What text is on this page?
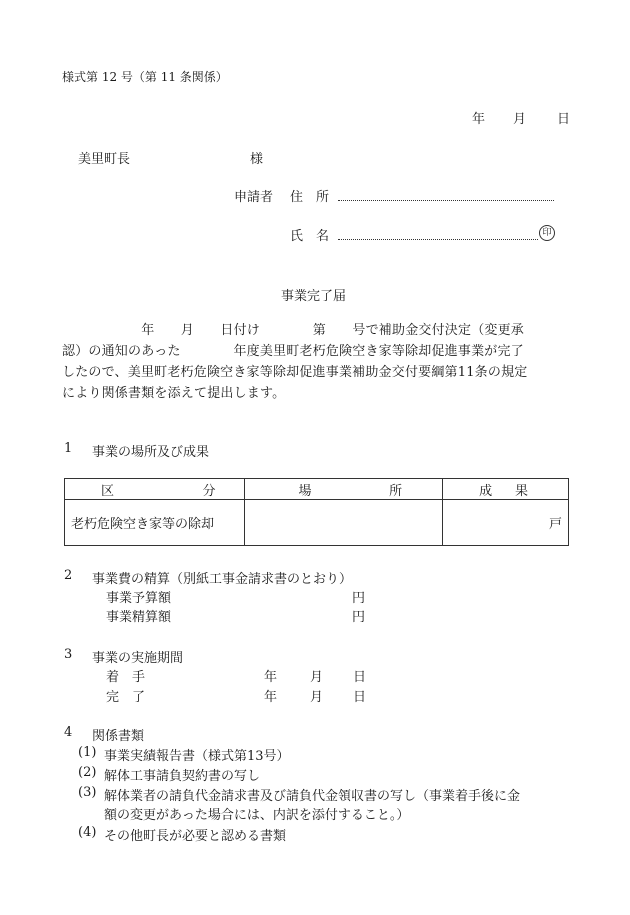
様式第 12 号（第 11 条関係）
年 月 日
美里町長	様
申請者 住　所
氏　名	印
事業完了届
　　　　　　年　　月　　日付け　　　　第　　号で補助金交付決定（変更承
認）の通知のあった　　　　年度美里町老朽危険空き家等除却促進事業が完了
したので、美里町老朽危険空き家等除却促進事業補助金交付要綱第11条の規定
により関係書類を添えて提出します。
1 事業の場所及び成果
区 分	場 所	成 果

老朽危険空き家等の除却		戸
2 事業費の精算（別紙工事金請求書のとおり）
事業予算額	円
事業精算額	円
3 事業の実施期間
着　手	年	月 日
完　了	年	月 日
4 関係書類
(1) 事業実績報告書（様式第13号）
(2) 解体工事請負契約書の写し
(3) 解体業者の請負代金請求書及び請負代金領収書の写し（事業着手後に金
額の変更があった場合には、内訳を添付すること。）
(4) その他町長が必要と認める書類
